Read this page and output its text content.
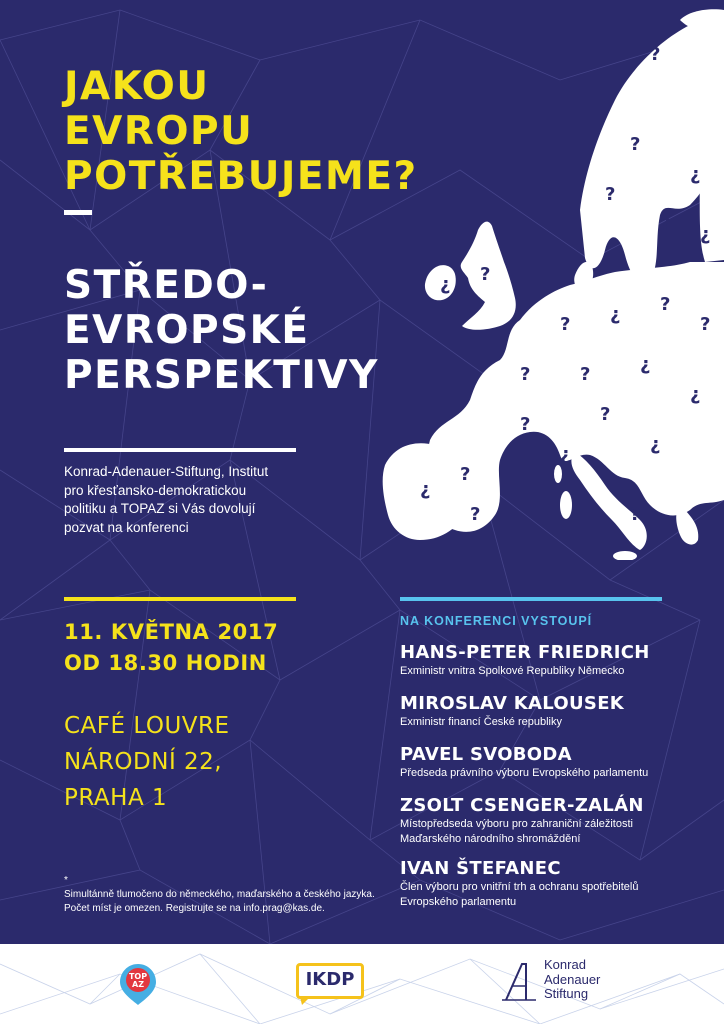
?
?
¿
?
? ¿
? ¿ ?
?
?	?	¿
¿
?
?
¿
?
¿
?
?
¿
?
¿
JAKOU
EVROPU
POTŘEBUJEME?
STŘEDO-
EVROPSKÉ
PERSPEKTIVY

Konrad-Adenauer-Stiftung, Institut
pro křesťansko-demokratickou
politiku a TOPAZ si Vás dovolují
pozvat na konferenci

11. KVĚTNA 2017

OD 18.30 HODIN

CAFÉ LOUVRE

NÁRODNÍ 22,

PRAHA 1

*

Simultánně tlumočeno do německého, maďarského a českého jazyka.

Počet míst je omezen. Registrujte se na info.prag@kas.de.

NA KONFERENCI VYSTOUPÍ

HANS-PETER FRIEDRICH

Exministr vnitra Spolkové Republiky Německo

MIROSLAV KALOUSEK

Exministr financí České republiky

PAVEL SVOBODA

Předseda právního výboru Evropského parlamentu

ZSOLT CSENGER-ZALÁN

Místopředseda výboru pro zahraniční záležitosti

Maďarského národního shromáždění

IVAN ŠTEFANEC

Člen výboru pro vnitřní trh a ochranu spotřebitelů

Evropského parlamentu

TOP
AZ	IKDP
Konrad
Adenauer
Stiftung
